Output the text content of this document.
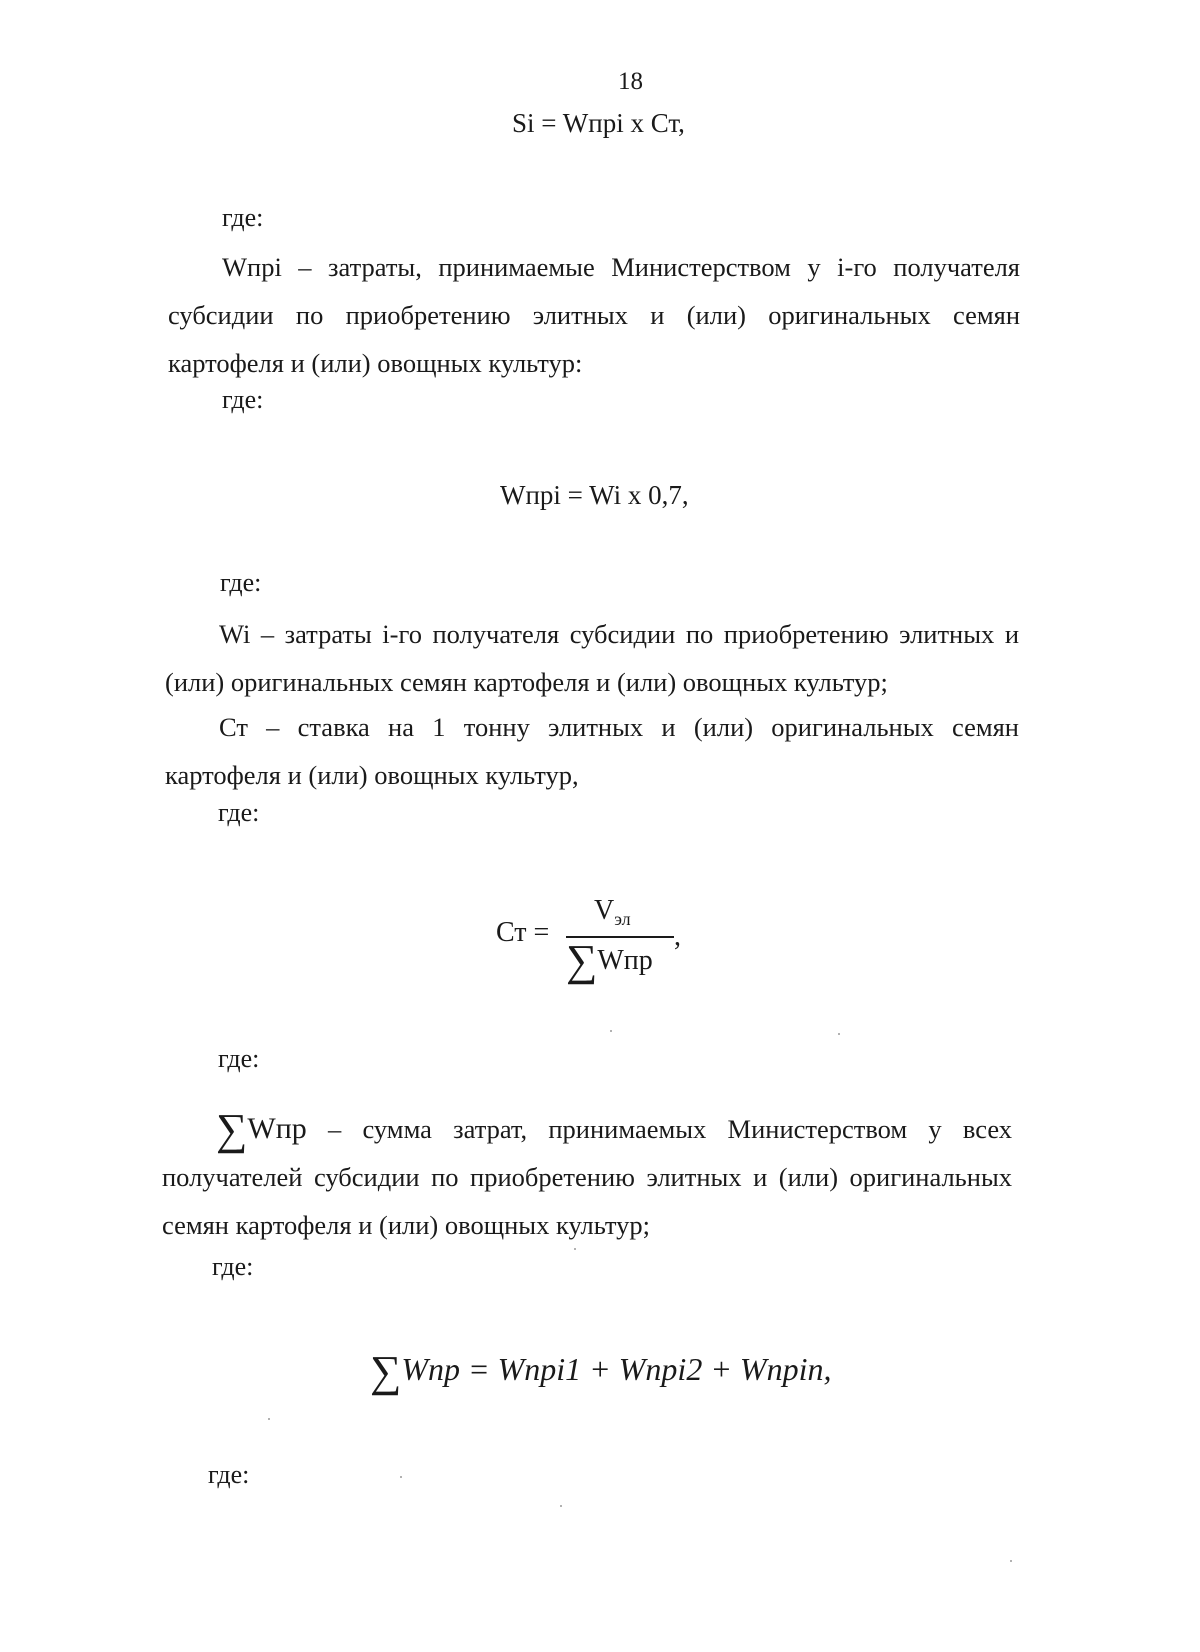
18
Si = Wпрi х Ст,
где:
Wпрi – затраты, принимаемые Министерством у i-го получателя субсидии по приобретению элитных и (или) оригинальных семян картофеля и (или) овощных культур:
где:
Wпрi = Wi х 0,7,
где:
Wi – затраты i-го получателя субсидии по приобретению элитных и (или) оригинальных семян картофеля и (или) овощных культур;
Ст – ставка на 1 тонну элитных и (или) оригинальных семян картофеля и (или) овощных культур,
где:
Ст =
$V_{эл}$
∑Wпр
,
где:
∑Wпр – сумма затрат, принимаемых Министерством у всех получателей субсидии по приобретению элитных и (или) оригинальных семян картофеля и (или) овощных культур;
где:
∑Wnp = Wnpi1 + Wnpi2 + Wnpin,
где:
